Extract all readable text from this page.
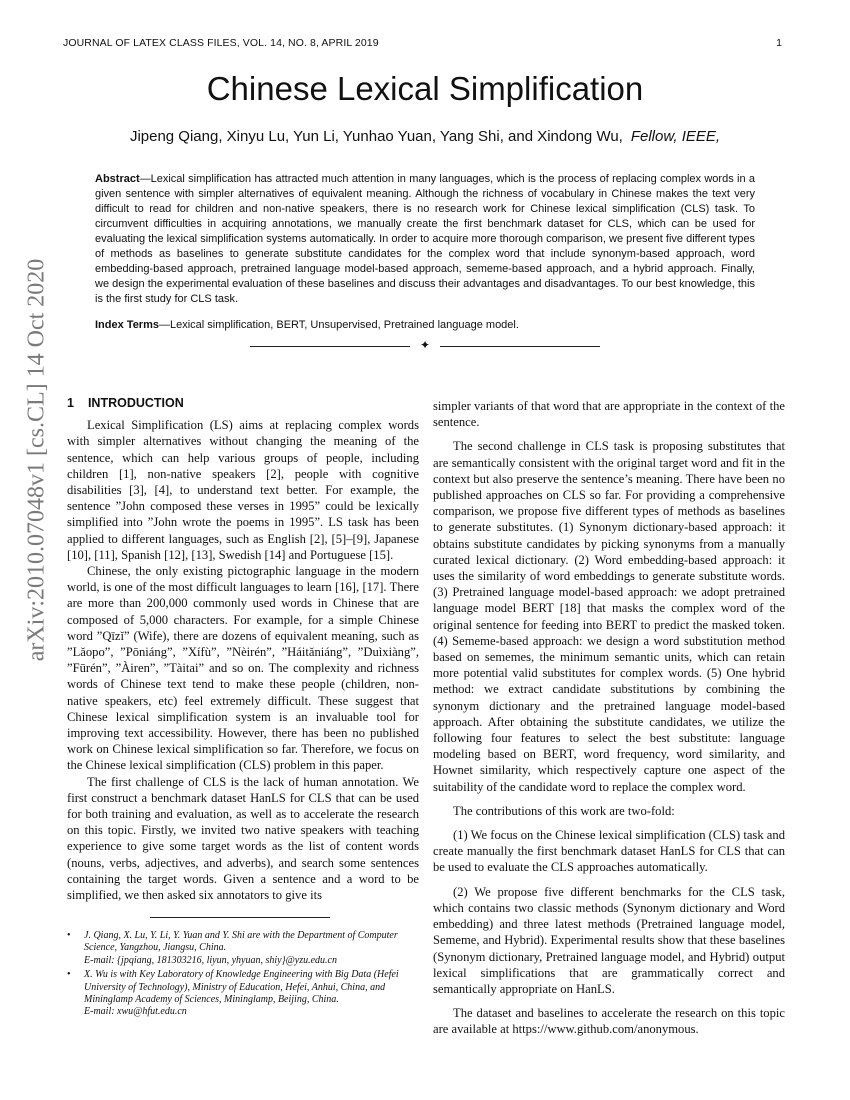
JOURNAL OF LATEX CLASS FILES, VOL. 14, NO. 8, APRIL 2019	1
arXiv:2010.07048v1 [cs.CL] 14 Oct 2020
Chinese Lexical Simplification
Jipeng Qiang, Xinyu Lu, Yun Li, Yunhao Yuan, Yang Shi, and Xindong Wu, Fellow, IEEE,
Abstract—Lexical simplification has attracted much attention in many languages, which is the process of replacing complex words in a given sentence with simpler alternatives of equivalent meaning. Although the richness of vocabulary in Chinese makes the text very difficult to read for children and non-native speakers, there is no research work for Chinese lexical simplification (CLS) task. To circumvent difficulties in acquiring annotations, we manually create the first benchmark dataset for CLS, which can be used for evaluating the lexical simplification systems automatically. In order to acquire more thorough comparison, we present five different types of methods as baselines to generate substitute candidates for the complex word that include synonym-based approach, word embedding-based approach, pretrained language model-based approach, sememe-based approach, and a hybrid approach. Finally, we design the experimental evaluation of these baselines and discuss their advantages and disadvantages. To our best knowledge, this is the first study for CLS task.
Index Terms—Lexical simplification, BERT, Unsupervised, Pretrained language model.
✦
1 INTRODUCTION

Lexical Simplification (LS) aims at replacing complex words with simpler alternatives without changing the meaning of the sentence, which can help various groups of people, including children [1], non-native speakers [2], people with cognitive disabilities [3], [4], to understand text better. For example, the sentence ”John composed these verses in 1995” could be lexically simplified into ”John wrote the poems in 1995”. LS task has been applied to different languages, such as English [2], [5]–[9], Japanese [10], [11], Spanish [12], [13], Swedish [14] and Portuguese [15].

Chinese, the only existing pictographic language in the modern world, is one of the most difficult languages to learn [16], [17]. There are more than 200,000 commonly used words in Chinese that are composed of 5,000 characters. For example, for a simple Chinese word ”Qīzǐ” (Wife), there are dozens of equivalent meaning, such as ”Lǎopo”, ”Pōniáng”, ”Xífù”, ”Nèirén”, ”Háitǎniáng”, ”Duìxiàng”, ”Fūrén”, ”Àiren”, ”Tàitai” and so on. The complexity and richness words of Chinese text tend to make these people (children, non-native speakers, etc) feel extremely difficult. These suggest that Chinese lexical simplification system is an invaluable tool for improving text accessibility. However, there has been no published work on Chinese lexical simplification so far. Therefore, we focus on the Chinese lexical simplification (CLS) problem in this paper.

The first challenge of CLS is the lack of human annotation. We first construct a benchmark dataset HanLS for CLS that can be used for both training and evaluation, as well as to accelerate the research on this topic. Firstly, we invited two native speakers with teaching experience to give some target words as the list of content words (nouns, verbs, adjectives, and adverbs), and search some sentences containing the target words. Given a sentence and a word to be simplified, we then asked six annotators to give its

simpler variants of that word that are appropriate in the context of the sentence.

The second challenge in CLS task is proposing substitutes that are semantically consistent with the original target word and fit in the context but also preserve the sentence’s meaning. There have been no published approaches on CLS so far. For providing a comprehensive comparison, we propose five different types of methods as baselines to generate substitutes. (1) Synonym dictionary-based approach: it obtains substitute candidates by picking synonyms from a manually curated lexical dictionary. (2) Word embedding-based approach: it uses the similarity of word embeddings to generate substitute words. (3) Pretrained language model-based approach: we adopt pretrained language model BERT [18] that masks the complex word of the original sentence for feeding into BERT to predict the masked token. (4) Sememe-based approach: we design a word substitution method based on sememes, the minimum semantic units, which can retain more potential valid substitutes for complex words. (5) One hybrid method: we extract candidate substitutions by combining the synonym dictionary and the pretrained language model-based approach. After obtaining the substitute candidates, we utilize the following four features to select the best substitute: language modeling based on BERT, word frequency, word similarity, and Hownet similarity, which respectively capture one aspect of the suitability of the candidate word to replace the complex word.

The contributions of this work are two-fold:

(1) We focus on the Chinese lexical simplification (CLS) task and create manually the first benchmark dataset HanLS for CLS that can be used to evaluate the CLS approaches automatically.

(2) We propose five different benchmarks for the CLS task, which contains two classic methods (Synonym dictionary and Word embedding) and three latest methods (Pretrained language model, Sememe, and Hybrid). Experimental results show that these baselines (Synonym dictionary, Pretrained language model, and Hybrid) output lexical simplifications that are grammatically correct and semantically appropriate on HanLS.

The dataset and baselines to accelerate the research on this topic are available at https://www.github.com/anonymous.

• J. Qiang, X. Lu, Y. Li, Y. Yuan and Y. Shi are with the Department of Computer Science, Yangzhou, Jiangsu, China.
E-mail: {jpqiang, 181303216, liyun, yhyuan, shiy}@yzu.edu.cn
• X. Wu is with Key Laboratory of Knowledge Engineering with Big Data (Hefei University of Technology), Ministry of Education, Hefei, Anhui, China, and Mininglamp Academy of Sciences, Mininglamp, Beijing, China.
E-mail: xwu@hfut.edu.cn
